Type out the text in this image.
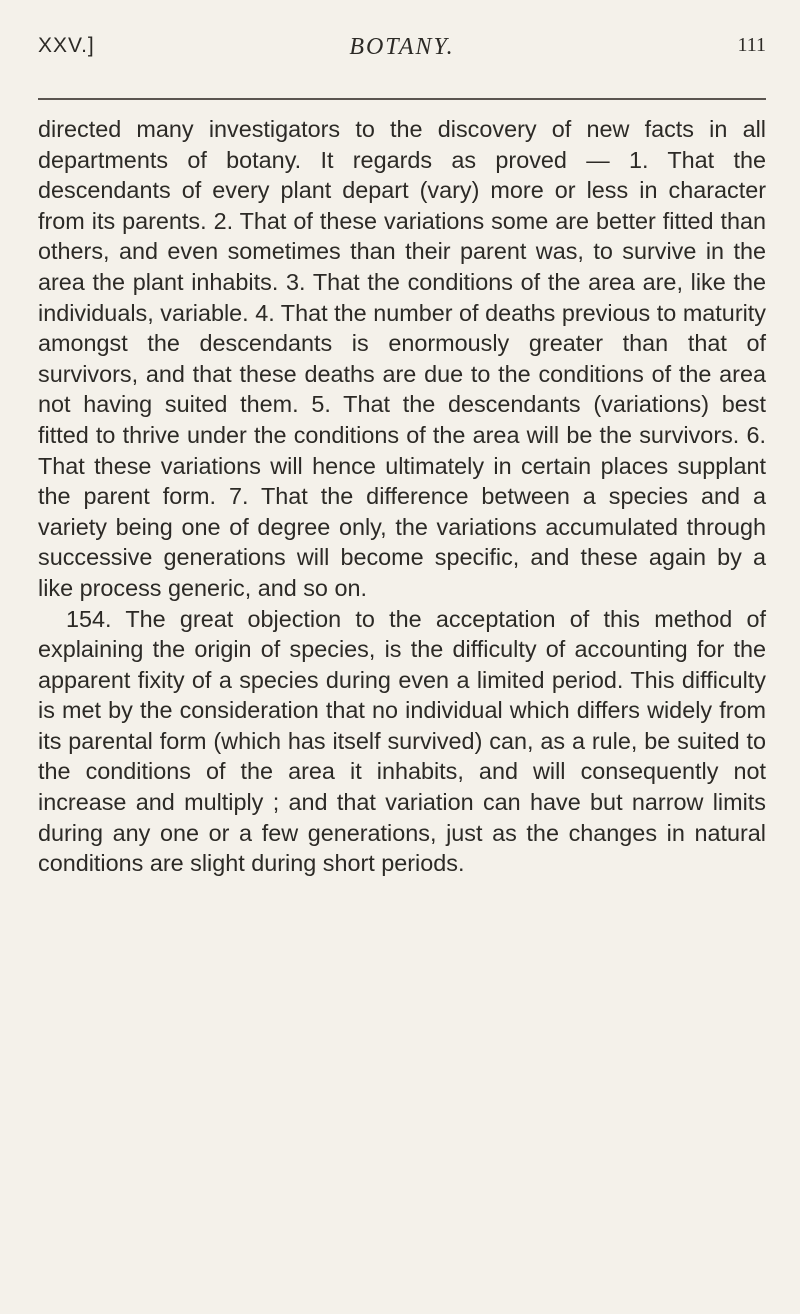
XXV.]	BOTANY.	111

directed many investigators to the discovery of new facts in all departments of botany. It regards as proved — 1. That the descendants of every plant depart (vary) more or less in character from its parents. 2. That of these variations some are better fitted than others, and even sometimes than their parent was, to survive in the area the plant inhabits. 3. That the conditions of the area are, like the individuals, variable. 4. That the number of deaths previous to maturity amongst the descendants is enormously greater than that of survivors, and that these deaths are due to the conditions of the area not having suited them. 5. That the descendants (variations) best fitted to thrive under the conditions of the area will be the survivors. 6. That these variations will hence ultimately in certain places supplant the parent form. 7. That the difference between a species and a variety being one of degree only, the variations accumulated through successive generations will become specific, and these again by a like process generic, and so on.

154. The great objection to the acceptation of this method of explaining the origin of species, is the difficulty of accounting for the apparent fixity of a species during even a limited period. This difficulty is met by the consideration that no individual which differs widely from its parental form (which has itself survived) can, as a rule, be suited to the conditions of the area it inhabits, and will consequently not increase and multiply ; and that variation can have but narrow limits during any one or a few generations, just as the changes in natural conditions are slight during short periods.
